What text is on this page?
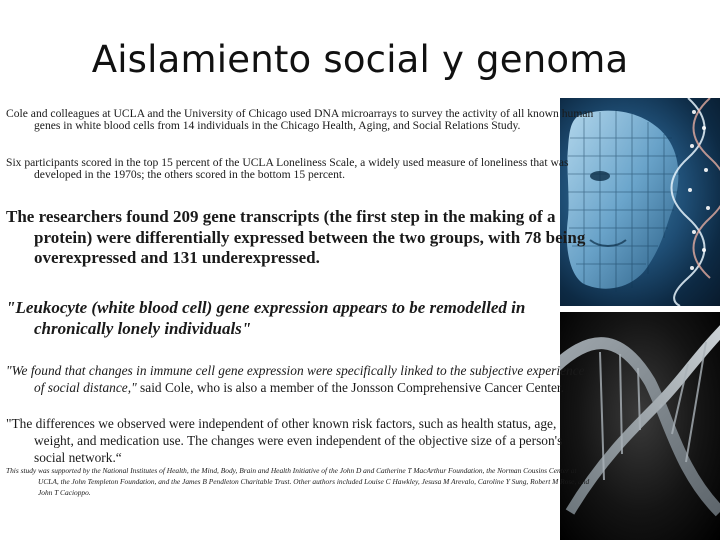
Aislamiento social y genoma

Cole and colleagues at UCLA and the University of Chicago used DNA microarrays to survey the activity of all known human genes in white blood cells from 14 individuals in the Chicago Health, Aging, and Social Relations Study.

Six participants scored in the top 15 percent of the UCLA Loneliness Scale, a widely used measure of loneliness that was developed in the 1970s; the others scored in the bottom 15 percent.

The researchers found 209 gene transcripts (the first step in the making of a protein) were differentially expressed between the two groups, with 78 being overexpressed and 131 underexpressed.

"Leukocyte (white blood cell) gene expression appears to be remodelled in chronically lonely individuals"

"We found that changes in immune cell gene expression were specifically linked to the subjective experience of social distance," said Cole, who is also a member of the Jonsson Comprehensive Cancer Center.

"The differences we observed were independent of other known risk factors, such as health status, age, weight, and medication use. The changes were even independent of the objective size of a person's social network.“

This study was supported by the National Institutes of Health, the Mind, Body, Brain and Health Initiative of the John D and Catherine T MacArthur Foundation, the Norman Cousins Center at UCLA, the John Templeton Foundation, and the James B Pendleton Charitable Trust. Other authors included Louise C Hawkley, Jesusa M Arevalo, Caroline Y Sung, Robert M Rose, and John T Cacioppo.
